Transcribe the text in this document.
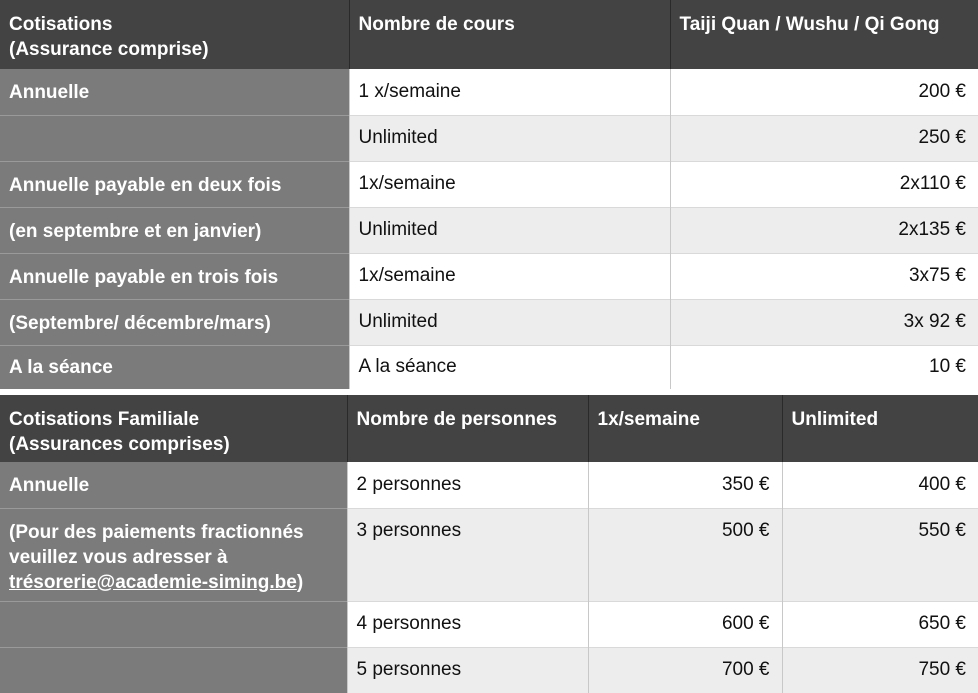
Cotisations
(Assurance comprise)	Nombre de cours	Taiji Quan / Wushu / Qi Gong
Annuelle	1 x/semaine	200 €
	Unlimited	250 €
Annuelle payable en deux fois	1x/semaine	2x110 €
(en septembre et en janvier)	Unlimited	2x135 €
Annuelle payable en trois fois	1x/semaine	3x75 €
(Septembre/ décembre/mars)	Unlimited	3x 92 €
A la séance	A la séance	10 €
Cotisations Familiale
(Assurances comprises)	Nombre de personnes	1x/semaine	Unlimited
Annuelle	2 personnes	350 €	400 €
(Pour des paiements fractionnés
veuillez vous adresser à
trésorerie@academie-siming.be)	3 personnes	500 €	550 €
	4 personnes	600 €	650 €
	5 personnes	700 €	750 €
